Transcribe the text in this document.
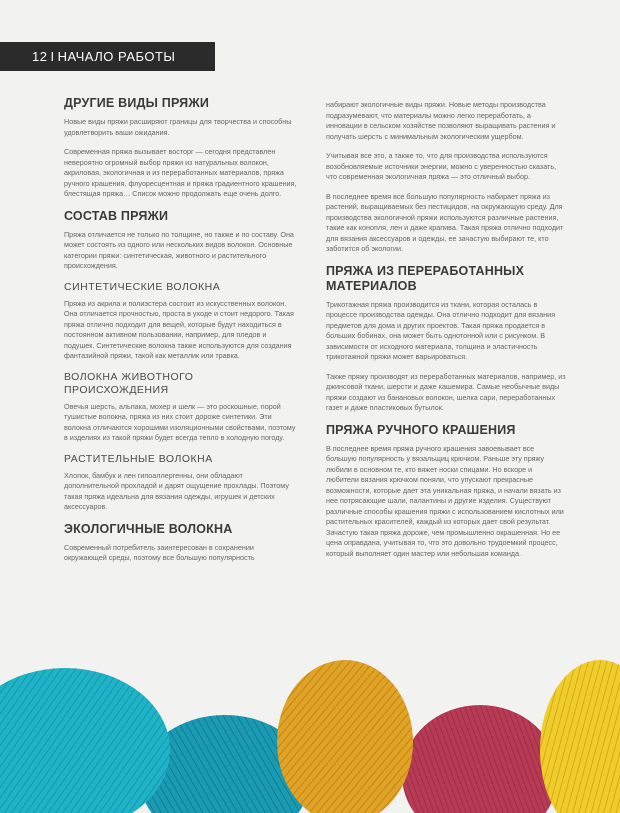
12 I НАЧАЛО РАБОТЫ
ДРУГИЕ ВИДЫ ПРЯЖИ

Новые виды пряжи расширяют границы для творчества и способны удовлетворить ваши ожидания.

Современная пряжа вызывает восторг — сегодня представлен невероятно огромный выбор пряжи из натуральных волокон, акриловая, экологичная и из переработанных материалов, пряжа ручного крашения, флуоресцентная и пряжа градиентного крашения, блестящая пряжа… Список можно продолжать еще очень долго.

СОСТАВ ПРЯЖИ

Пряжа отличается не только по толщине, но также и по составу. Она может состоять из одного или нескольких видов волокон. Основные категории пряжи: синтетическая, животного и растительного происхождения.

СИНТЕТИЧЕСКИЕ ВОЛОКНА

Пряжа из акрила и полиэстера состоит из искусственных волокон. Она отличается прочностью, проста в уходе и стоит недорого. Такая пряжа отлично подходит для вещей, которые будут находиться в постоянном активном пользовании, например, для пледов и подушек. Синтетические волокна также используются для создания фантазийной пряжи, такой как металлик или травка.

ВОЛОКНА ЖИВОТНОГО ПРОИСХОЖДЕНИЯ

Овечья шерсть, альпака, мохер и шелк — это роскошные, порой тушистые волокна, пряжа из них стоит дороже синтетики. Эти волокна отличаются хорошими изоляционными свойствами, поэтому в изделиях из такой пряжи будет всегда тепло в холодную погоду.

РАСТИТЕЛЬНЫЕ ВОЛОКНА

Хлопок, бамбук и лен гипоаллергенны, они обладают дополнительной прохладой и дарят ощущение прохлады. Поэтому такая пряжа идеальна для вязания одежды, игрушек и детских аксессуаров.

ЭКОЛОГИЧНЫЕ ВОЛОКНА

Современный потребитель заинтересован в сохранении окружающей среды, поэтому все большую популярность

набирают экологичные виды пряжи. Новые методы производства подразумевают, что материалы можно легко переработать, а инновации в сельском хозяйстве позволяют выращивать растения и получать шерсть с минимальным экологическим ущербом.

Учитывая все это, а также то, что для производства используются возобновляемые источники энергии, можно с уверенностью сказать, что современная экологичная пряжа — это отличный выбор.

В последнее время все большую популярность набирает пряжа из растений, выращиваемых без пестицидов, на окружающую среду. Для производства экологичной пряжи используются различные растения, такие как конопля, лен и даже крапива. Такая пряжа отлично подходит для вязания аксессуаров и одежды, ее зачастую выбирают те, кто заботится об экологии.

ПРЯЖА ИЗ ПЕРЕРАБОТАННЫХ МАТЕРИАЛОВ

Трикотажная пряжа производится из ткани, которая осталась в процессе производства одежды. Она отлично подходит для вязания предметов для дома и других проектов. Такая пряжа продается в больших бобинах, она может быть однотонной или с рисунком. В зависимости от исходного материала, толщина и эластичность трикотажной пряжи может варьироваться.

Также пряжу производят из переработанных материалов, например, из джинсовой ткани, шерсти и даже кашемира. Самые необычные виды пряжи создают из банановых волокон, шелка сари, переработанных газет и даже пластиковых бутылок.

ПРЯЖА РУЧНОГО КРАШЕНИЯ

В последнее время пряжа ручного крашения завоевывает все большую популярность у вязальщиц крючком. Раньше эту пряжу любили в основном те, кто вяжет носки спицами. Но вскоре и любители вязания крючком поняли, что упускают прекрасные возможности, которые дает эта уникальная пряжа, и начали вязать из нее потрясающие шали, палантины и другие изделия. Существуют различные способы крашения пряжи с использованием кислотных или растительных красителей, каждый из которых дает свой результат. Зачастую такая пряжа дороже, чем промышленно окрашенная. Но ее цена оправдана, учитывая то, что это довольно трудоемкий процесс, который выполняет один мастер или небольшая команда.
